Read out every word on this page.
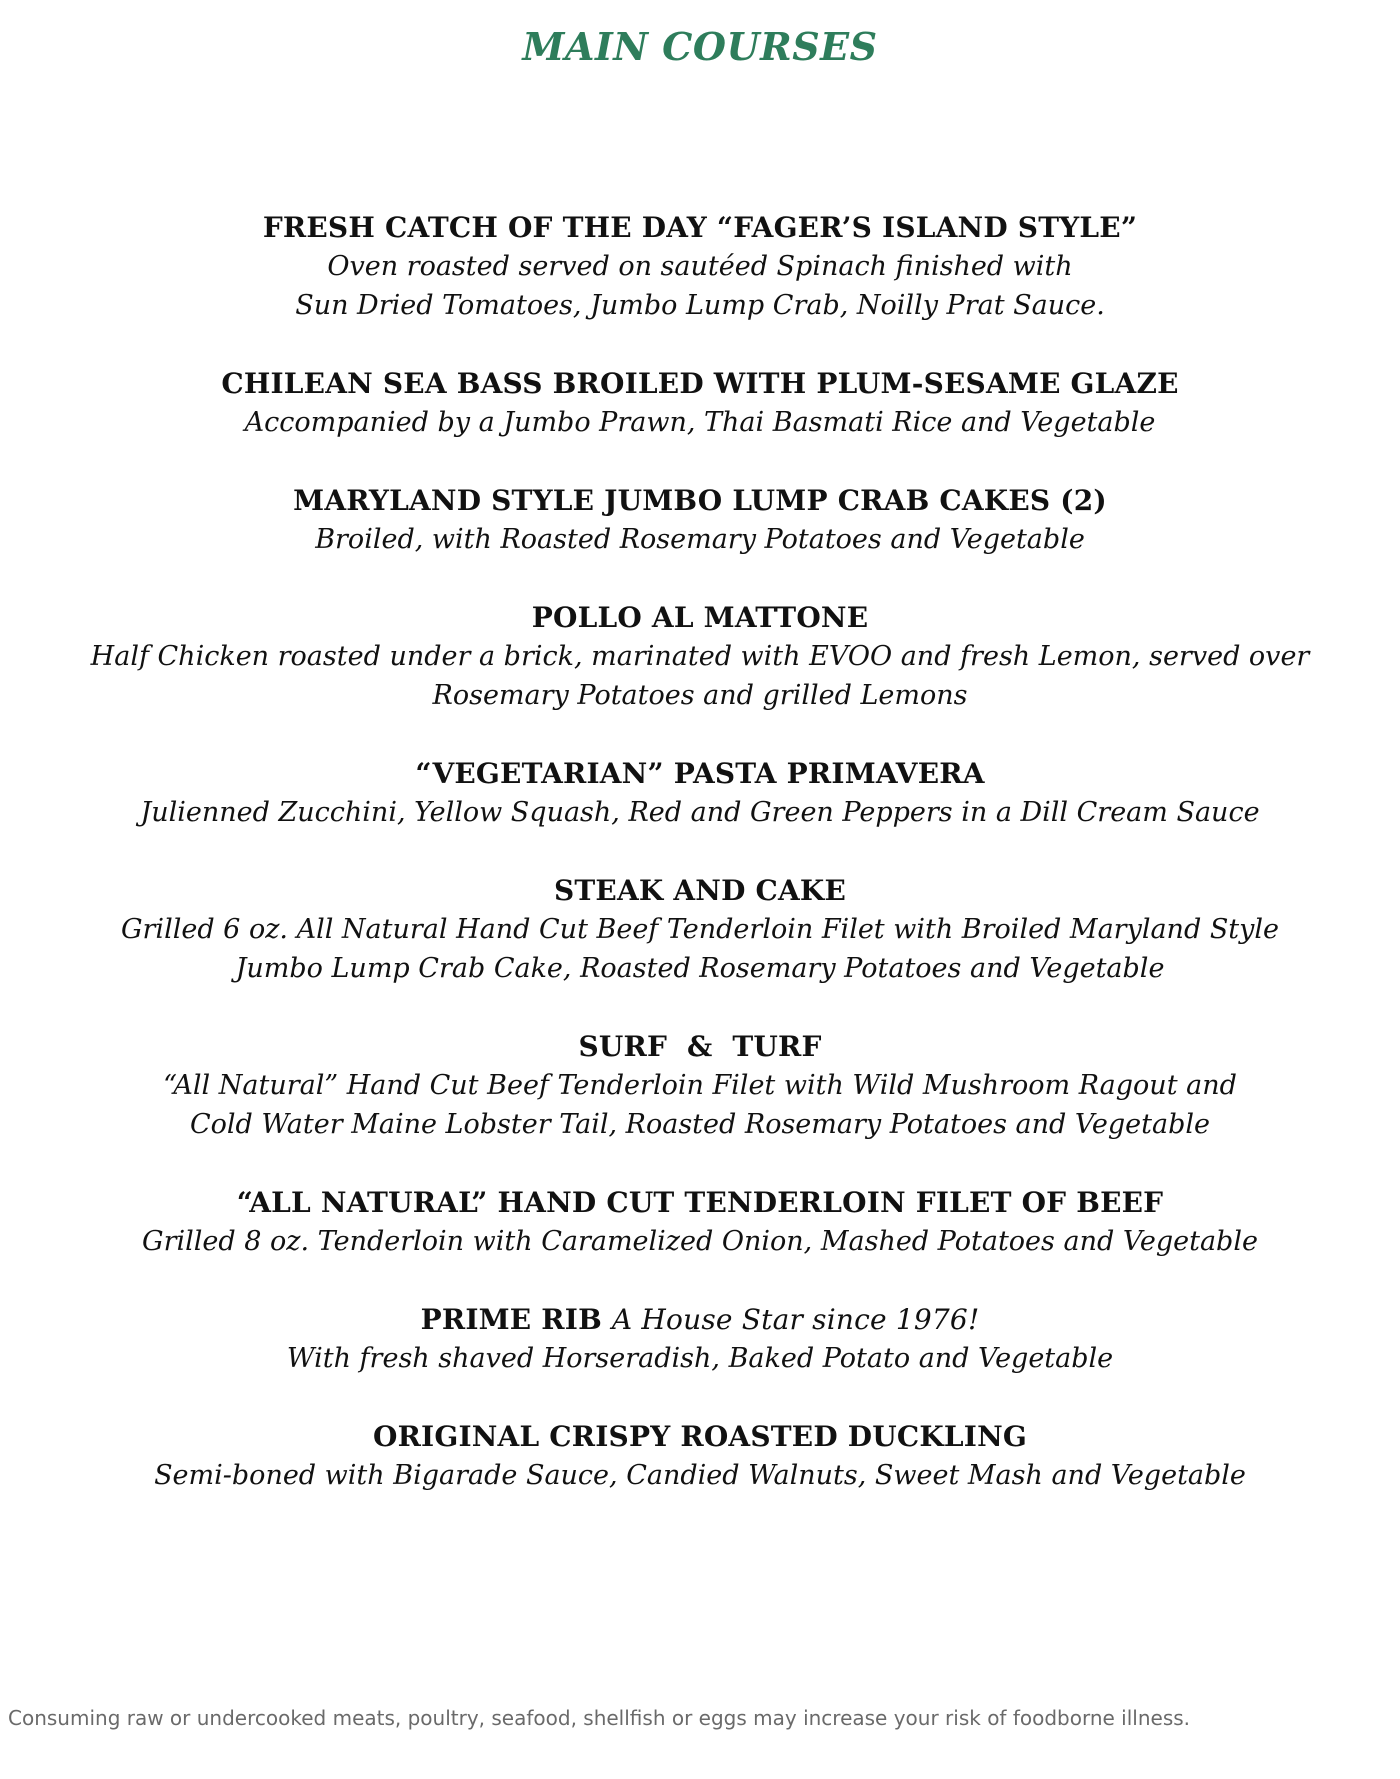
MAIN COURSES
FRESH CATCH OF THE DAY “FAGER’S ISLAND STYLE”
Oven roasted served on sautéed Spinach finished with
Sun Dried Tomatoes, Jumbo Lump Crab, Noilly Prat Sauce.
CHILEAN SEA BASS BROILED WITH PLUM-SESAME GLAZE
Accompanied by a Jumbo Prawn, Thai Basmati Rice and Vegetable
MARYLAND STYLE JUMBO LUMP CRAB CAKES (2)
Broiled, with Roasted Rosemary Potatoes and Vegetable
POLLO AL MATTONE
Half Chicken roasted under a brick, marinated with EVOO and fresh Lemon, served over
Rosemary Potatoes and grilled Lemons
“VEGETARIAN” PASTA PRIMAVERA
Julienned Zucchini, Yellow Squash, Red and Green Peppers in a Dill Cream Sauce
STEAK AND CAKE
Grilled 6 oz. All Natural Hand Cut Beef Tenderloin Filet with Broiled Maryland Style
Jumbo Lump Crab Cake, Roasted Rosemary Potatoes and Vegetable
SURF  &  TURF
“All Natural” Hand Cut Beef Tenderloin Filet with Wild Mushroom Ragout and
Cold Water Maine Lobster Tail, Roasted Rosemary Potatoes and Vegetable
“ALL NATURAL” HAND CUT TENDERLOIN FILET OF BEEF
Grilled 8 oz. Tenderloin with Caramelized Onion, Mashed Potatoes and Vegetable
PRIME RIB A House Star since 1976!
With fresh shaved Horseradish, Baked Potato and Vegetable
ORIGINAL CRISPY ROASTED DUCKLING
Semi-boned with Bigarade Sauce, Candied Walnuts, Sweet Mash and Vegetable
Consuming raw or undercooked meats, poultry, seafood, shellfish or eggs may increase your risk of foodborne illness.
